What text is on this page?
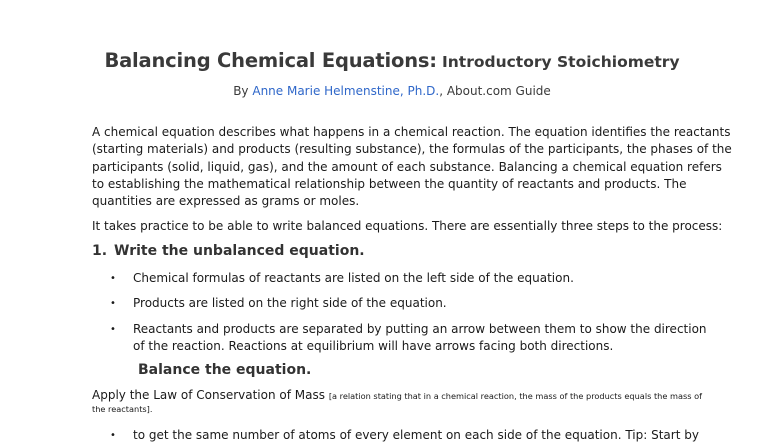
Balancing Chemical Equations: Introductory Stoichiometry
By Anne Marie Helmenstine, Ph.D., About.com Guide
A chemical equation describes what happens in a chemical reaction. The equation identifies the reactants (starting materials) and products (resulting substance), the formulas of the participants, the phases of the participants (solid, liquid, gas), and the amount of each substance. Balancing a chemical equation refers to establishing the mathematical relationship between the quantity of reactants and products. The quantities are expressed as grams or moles.
It takes practice to be able to write balanced equations. There are essentially three steps to the process:
1. Write the unbalanced equation.
• Chemical formulas of reactants are listed on the left side of the equation.
• Products are listed on the right side of the equation.
• Reactants and products are separated by putting an arrow between them to show the direction of the reaction. Reactions at equilibrium will have arrows facing both directions.
Balance the equation.
Apply the Law of Conservation of Mass [a relation stating that in a chemical reaction, the mass of the products equals the mass of the reactants].
• to get the same number of atoms of every element on each side of the equation. Tip: Start by
